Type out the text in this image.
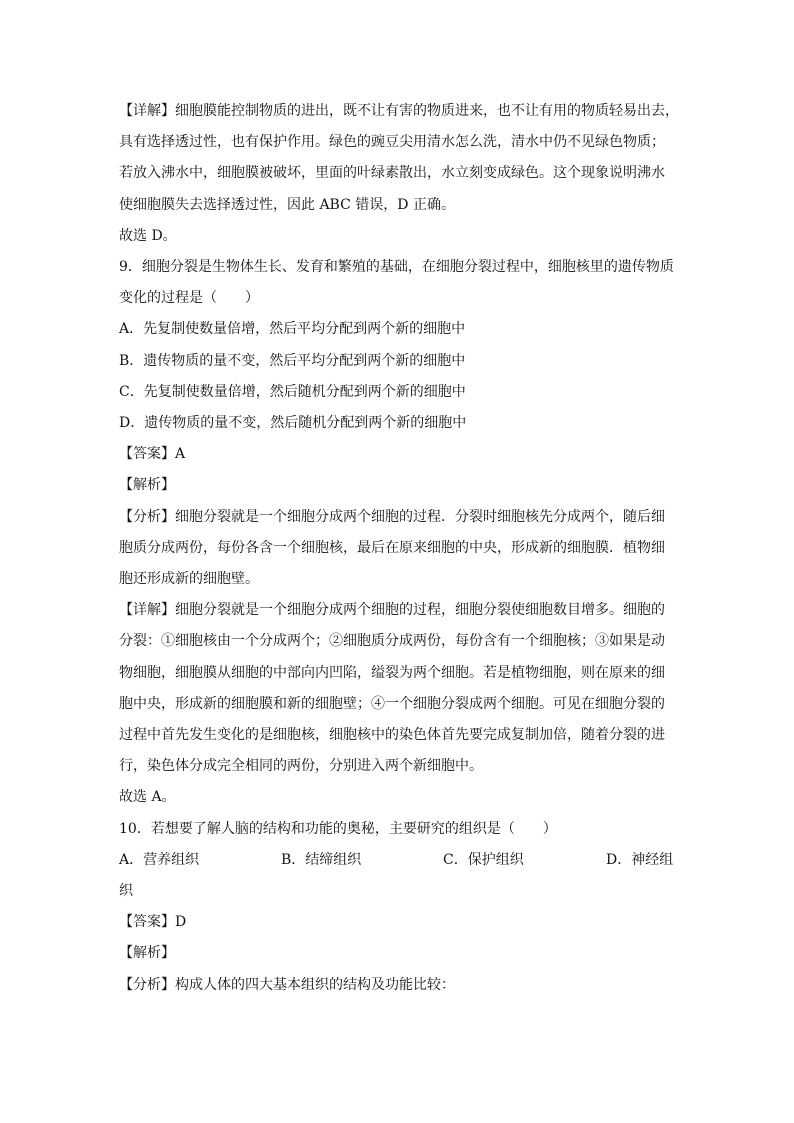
【详解】细胞膜能控制物质的进出，既不让有害的物质进来，也不让有用的物质轻易出去，
具有选择透过性，也有保护作用。绿色的豌豆尖用清水怎么洗，清水中仍不见绿色物质；
若放入沸水中，细胞膜被破坏，里面的叶绿素散出，水立刻变成绿色。这个现象说明沸水
使细胞膜失去选择透过性，因此 ABC 错误，D 正确。
故选 D。
9．细胞分裂是生物体生长、发育和繁殖的基础，在细胞分裂过程中，细胞核里的遗传物质
变化的过程是（　　）
A．先复制使数量倍增，然后平均分配到两个新的细胞中
B．遗传物质的量不变，然后平均分配到两个新的细胞中
C．先复制使数量倍增，然后随机分配到两个新的细胞中
D．遗传物质的量不变，然后随机分配到两个新的细胞中
【答案】A
【解析】
【分析】细胞分裂就是一个细胞分成两个细胞的过程．分裂时细胞核先分成两个，随后细
胞质分成两份，每份各含一个细胞核，最后在原来细胞的中央，形成新的细胞膜．植物细
胞还形成新的细胞壁。
【详解】细胞分裂就是一个细胞分成两个细胞的过程，细胞分裂使细胞数目增多。细胞的
分裂：①细胞核由一个分成两个；②细胞质分成两份，每份含有一个细胞核；③如果是动
物细胞，细胞膜从细胞的中部向内凹陷，缢裂为两个细胞。若是植物细胞，则在原来的细
胞中央，形成新的细胞膜和新的细胞壁；④一个细胞分裂成两个细胞。可见在细胞分裂的
过程中首先发生变化的是细胞核，细胞核中的染色体首先要完成复制加倍，随着分裂的进
行，染色体分成完全相同的两份，分别进入两个新细胞中。
故选 A。
10．若想要了解人脑的结构和功能的奥秘，主要研究的组织是（　　）
A．营养组织	B．结缔组织	C．保护组织	D．神经组
织
【答案】D
【解析】
【分析】构成人体的四大基本组织的结构及功能比较：
